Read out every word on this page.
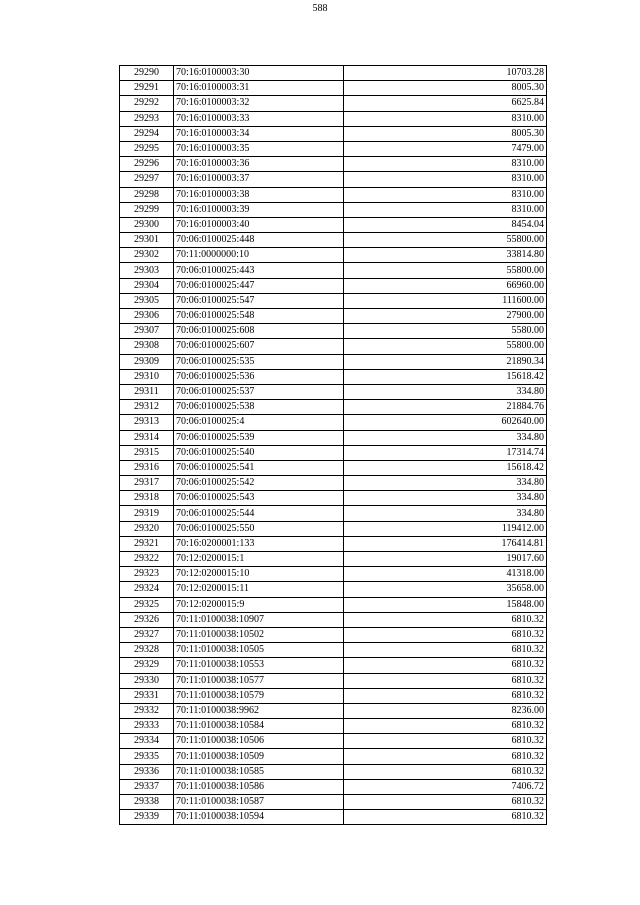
588
29290	70:16:0100003:30	10703.28
29291	70:16:0100003:31	8005.30
29292	70:16:0100003:32	6625.84
29293	70:16:0100003:33	8310.00
29294	70:16:0100003:34	8005.30
29295	70:16:0100003:35	7479.00
29296	70:16:0100003:36	8310.00
29297	70:16:0100003:37	8310.00
29298	70:16:0100003:38	8310.00
29299	70:16:0100003:39	8310.00
29300	70:16:0100003:40	8454.04
29301	70:06:0100025:448	55800.00
29302	70:11:0000000:10	33814.80
29303	70:06:0100025:443	55800.00
29304	70:06:0100025:447	66960.00
29305	70:06:0100025:547	111600.00
29306	70:06:0100025:548	27900.00
29307	70:06:0100025:608	5580.00
29308	70:06:0100025:607	55800.00
29309	70:06:0100025:535	21890.34
29310	70:06:0100025:536	15618.42
29311	70:06:0100025:537	334.80
29312	70:06:0100025:538	21884.76
29313	70:06:0100025:4	602640.00
29314	70:06:0100025:539	334.80
29315	70:06:0100025:540	17314.74
29316	70:06:0100025:541	15618.42
29317	70:06:0100025:542	334.80
29318	70:06:0100025:543	334.80
29319	70:06:0100025:544	334.80
29320	70:06:0100025:550	119412.00
29321	70:16:0200001:133	176414.81
29322	70:12:0200015:1	19017.60
29323	70:12:0200015:10	41318.00
29324	70:12:0200015:11	35658.00
29325	70:12:0200015:9	15848.00
29326	70:11:0100038:10907	6810.32
29327	70:11:0100038:10502	6810.32
29328	70:11:0100038:10505	6810.32
29329	70:11:0100038:10553	6810.32
29330	70:11:0100038:10577	6810.32
29331	70:11:0100038:10579	6810.32
29332	70:11:0100038:9962	8236.00
29333	70:11:0100038:10584	6810.32
29334	70:11:0100038:10506	6810.32
29335	70:11:0100038:10509	6810.32
29336	70:11:0100038:10585	6810.32
29337	70:11:0100038:10586	7406.72
29338	70:11:0100038:10587	6810.32
29339	70:11:0100038:10594	6810.32
